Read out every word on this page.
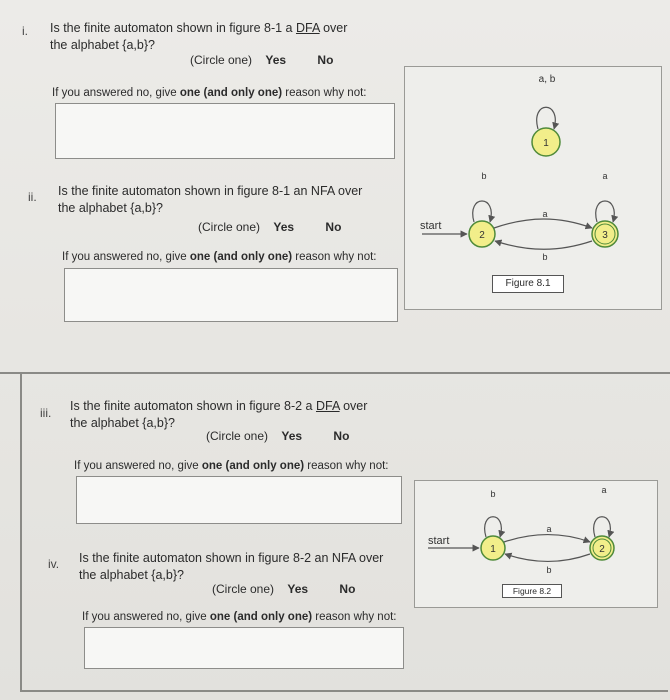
i. Is the finite automaton shown in figure 8-1 a DFA over
the alphabet {a,b}?
(Circle one) Yes	No
If you answered no, give one (and only one) reason why not:
ii. Is the finite automaton shown in figure 8-1 an NFA over
the alphabet {a,b}?
(Circle one) Yes	No
If you answered no, give one (and only one) reason why not:
1
a, b
2
b
3
a
a
b
start
Figure 8.1
iii. Is the finite automaton shown in figure 8-2 a DFA over
the alphabet {a,b}?
(Circle one) Yes	No
If you answered no, give one (and only one) reason why not:
iv. Is the finite automaton shown in figure 8-2 an NFA over
the alphabet {a,b}?
(Circle one) Yes	No
If you answered no, give one (and only one) reason why not:
1
b
2
a
a
b
start
Figure 8.2
